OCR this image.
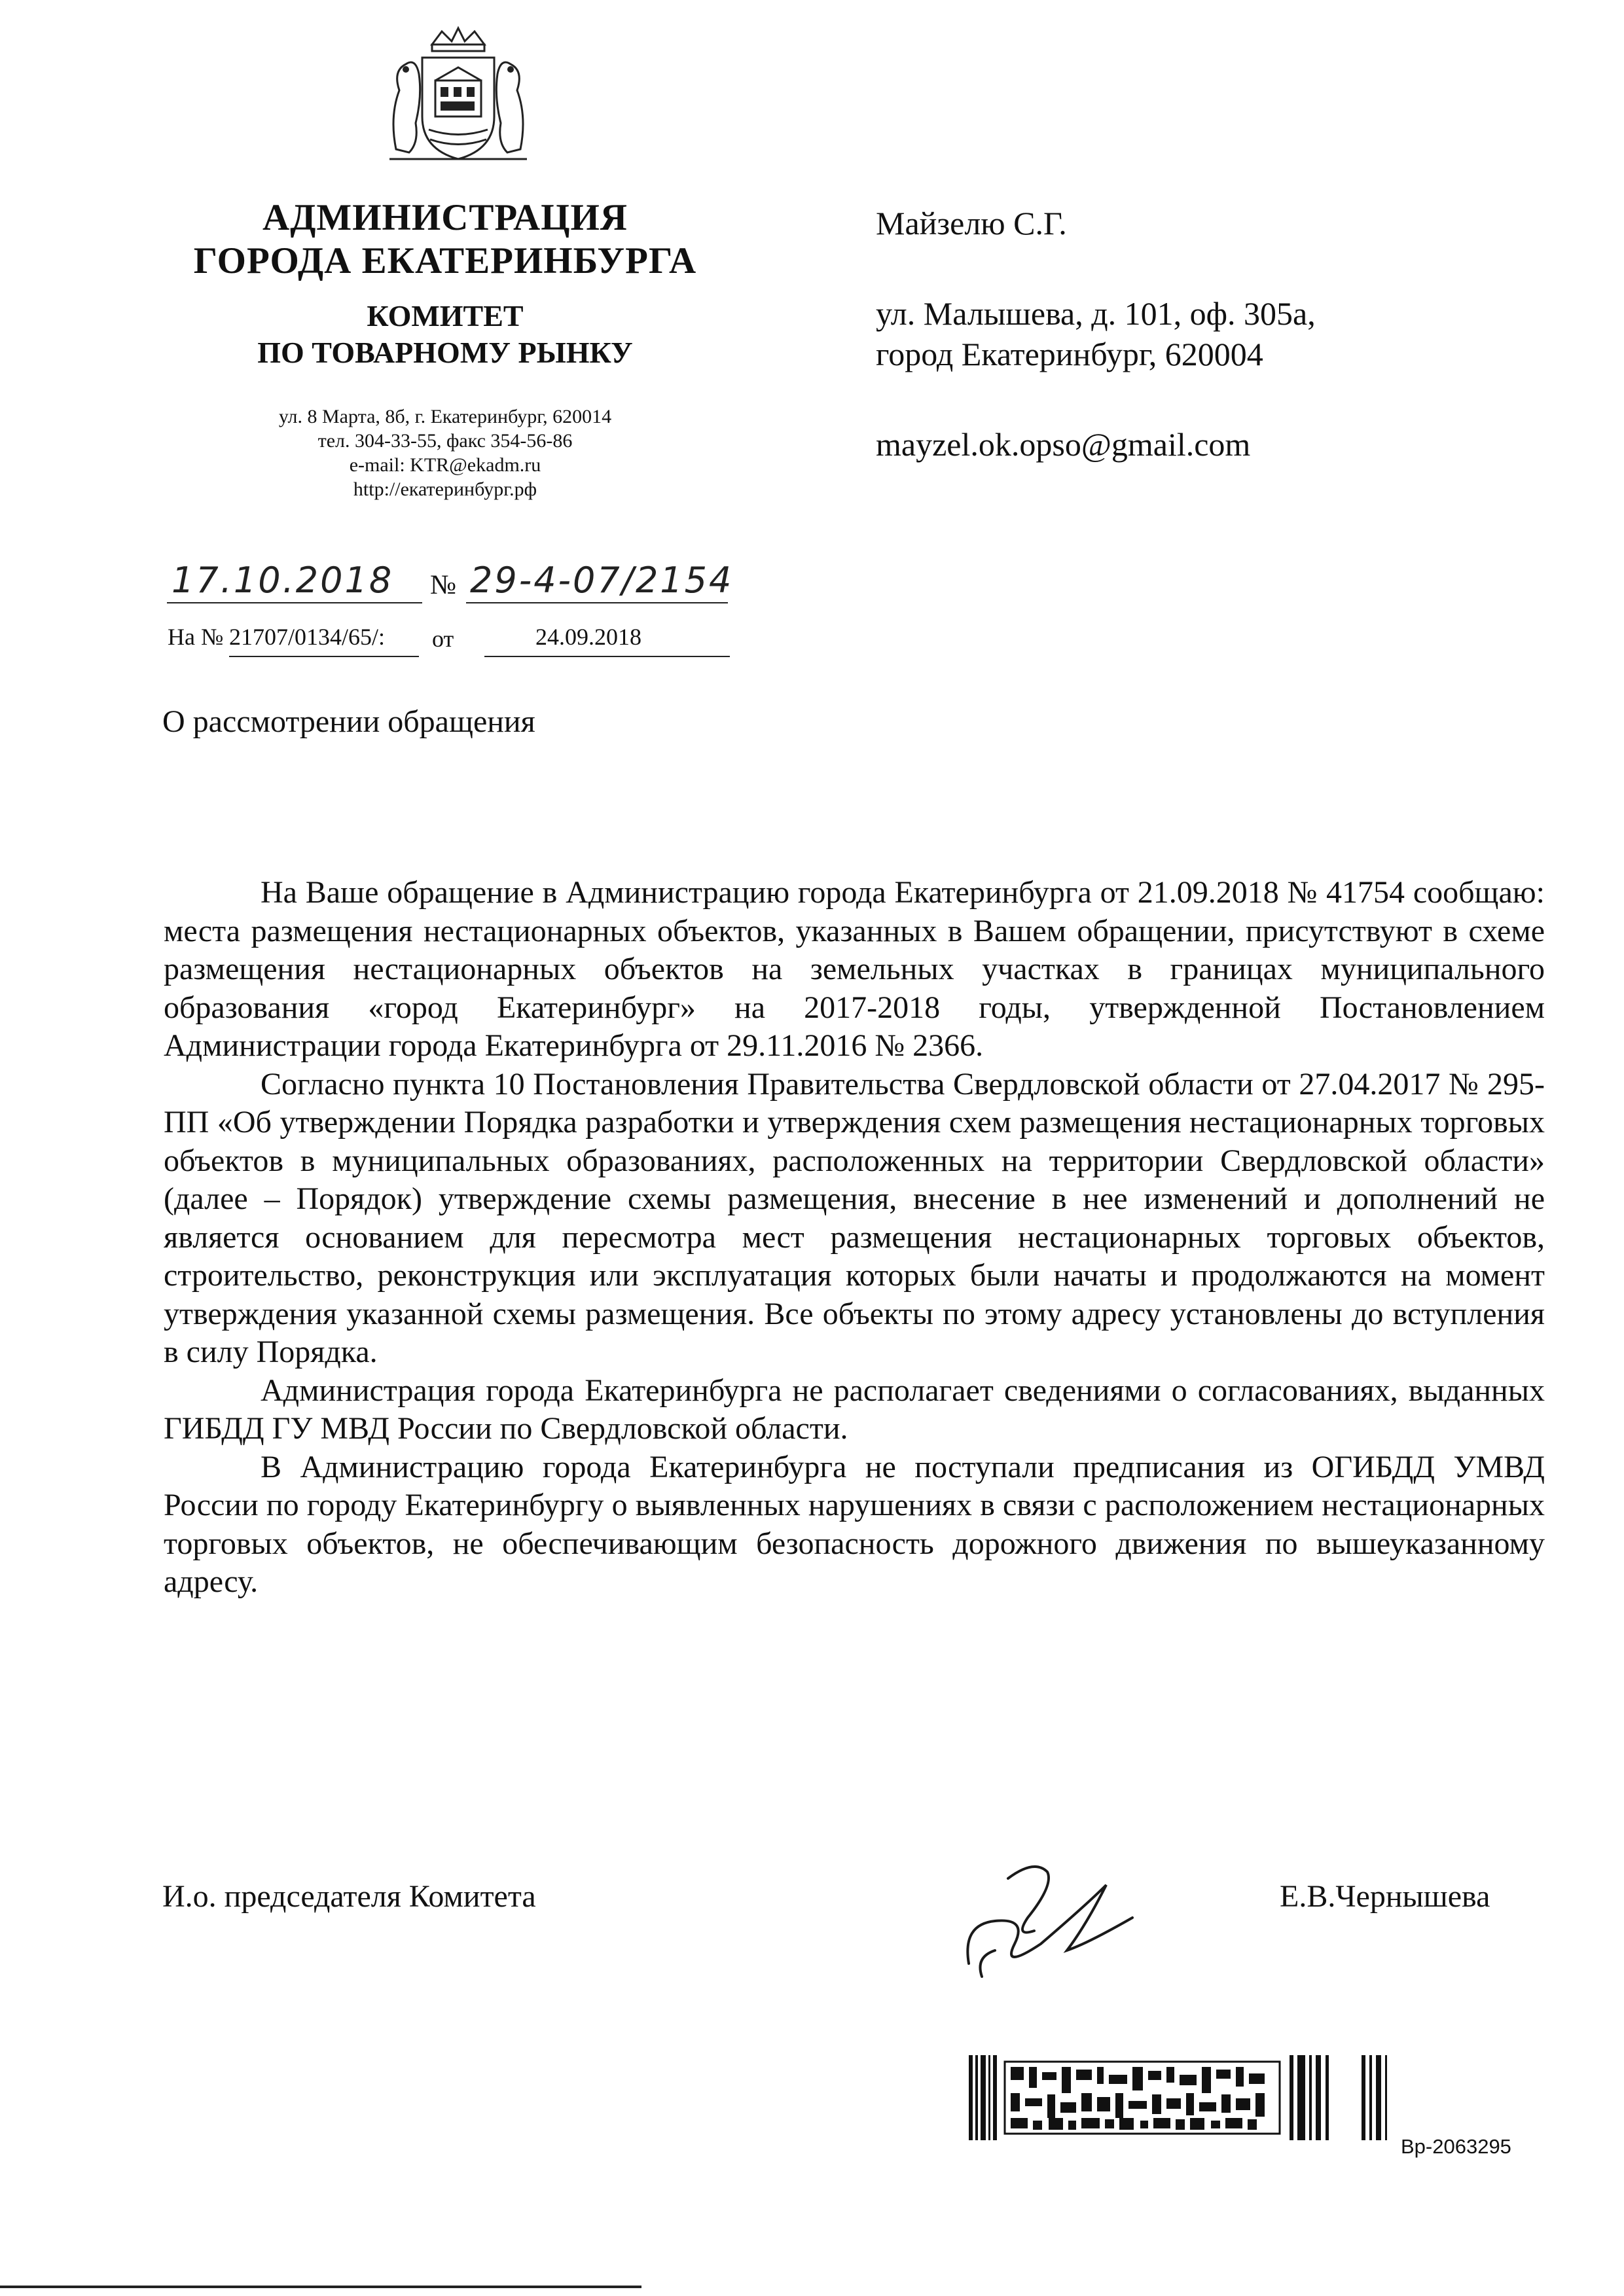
АДМИНИСТРАЦИЯ
ГОРОДА ЕКАТЕРИНБУРГА
КОМИТЕТ
ПО ТОВАРНОМУ РЫНКУ
ул. 8 Марта, 8б, г. Екатеринбург, 620014
тел. 304-33-55, факс 354-56-86
e-mail: KTR@ekadm.ru
http://екатеринбург.рф
Майзелю С.Г.
ул. Малышева, д. 101, оф. 305а,
город Екатеринбург, 620004
mayzel.ok.opso@gmail.com
17.10.2018 № 29-4-07/2154
На № 21707/0134/65/:	от	24.09.2018
О рассмотрении обращения

На Ваше обращение в Администрацию города Екатеринбурга от 21.09.2018 № 41754 сообщаю: места размещения нестационарных объектов, указанных в Вашем обращении, присутствуют в схеме размещения нестационарных объектов на земельных участках в границах муниципального образования «город Екатеринбург» на 2017-2018 годы, утвержденной Постановлением Администрации города Екатеринбурга от 29.11.2016 № 2366.

Согласно пункта 10 Постановления Правительства Свердловской области от 27.04.2017 № 295-ПП «Об утверждении Порядка разработки и утверждения схем размещения нестационарных торговых объектов в муниципальных образованиях, расположенных на территории Свердловской области» (далее – Порядок) утверждение схемы размещения, внесение в нее изменений и дополнений не является основанием для пересмотра мест размещения нестационарных торговых объектов, строительство, реконструкция или эксплуатация которых были начаты и продолжаются на момент утверждения указанной схемы размещения. Все объекты по этому адресу установлены до вступления в силу Порядка.

Администрация города Екатеринбурга не располагает сведениями о согласованиях, выданных ГИБДД ГУ МВД России по Свердловской области.

В Администрацию города Екатеринбурга не поступали предписания из ОГИБДД УМВД России по городу Екатеринбургу о выявленных нарушениях в связи с расположением нестационарных торговых объектов, не обеспечивающим безопасность дорожного движения по вышеуказанному адресу.

И.о. председателя Комитета	Е.В.Чернышева
Вр-2063295
